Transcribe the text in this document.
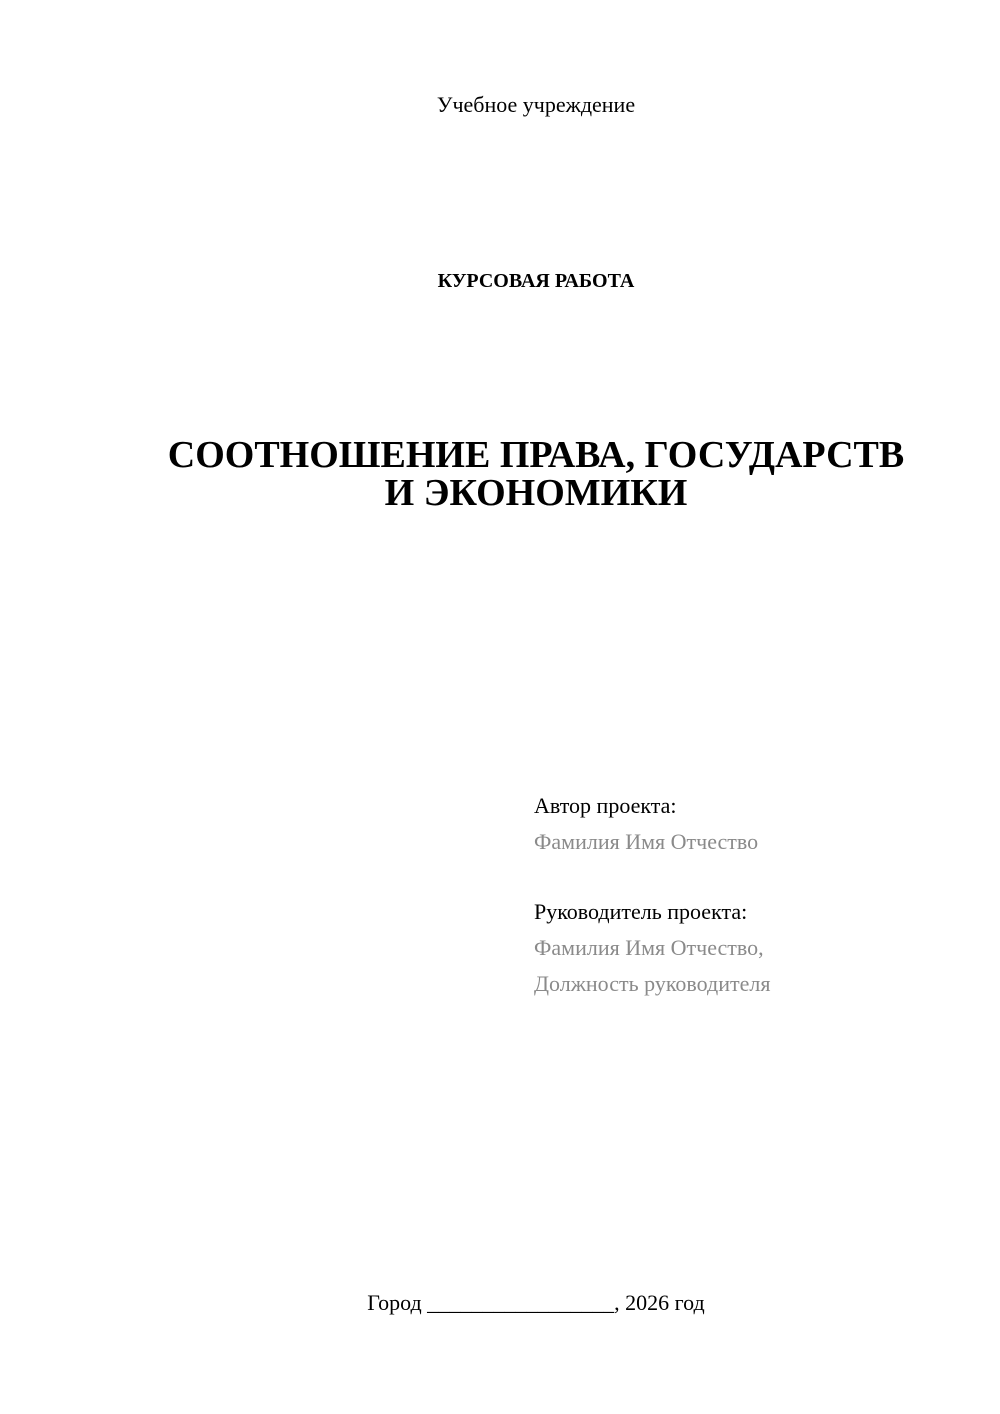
Учебное учреждение
КУРСОВАЯ РАБОТА
СООТНОШЕНИЕ ПРАВА, ГОСУДАРСТВ
И ЭКОНОМИКИ
Автор проекта:
Фамилия Имя Отчество
Руководитель проекта:
Фамилия Имя Отчество,
Должность руководителя
Город _________________, 2026 год
